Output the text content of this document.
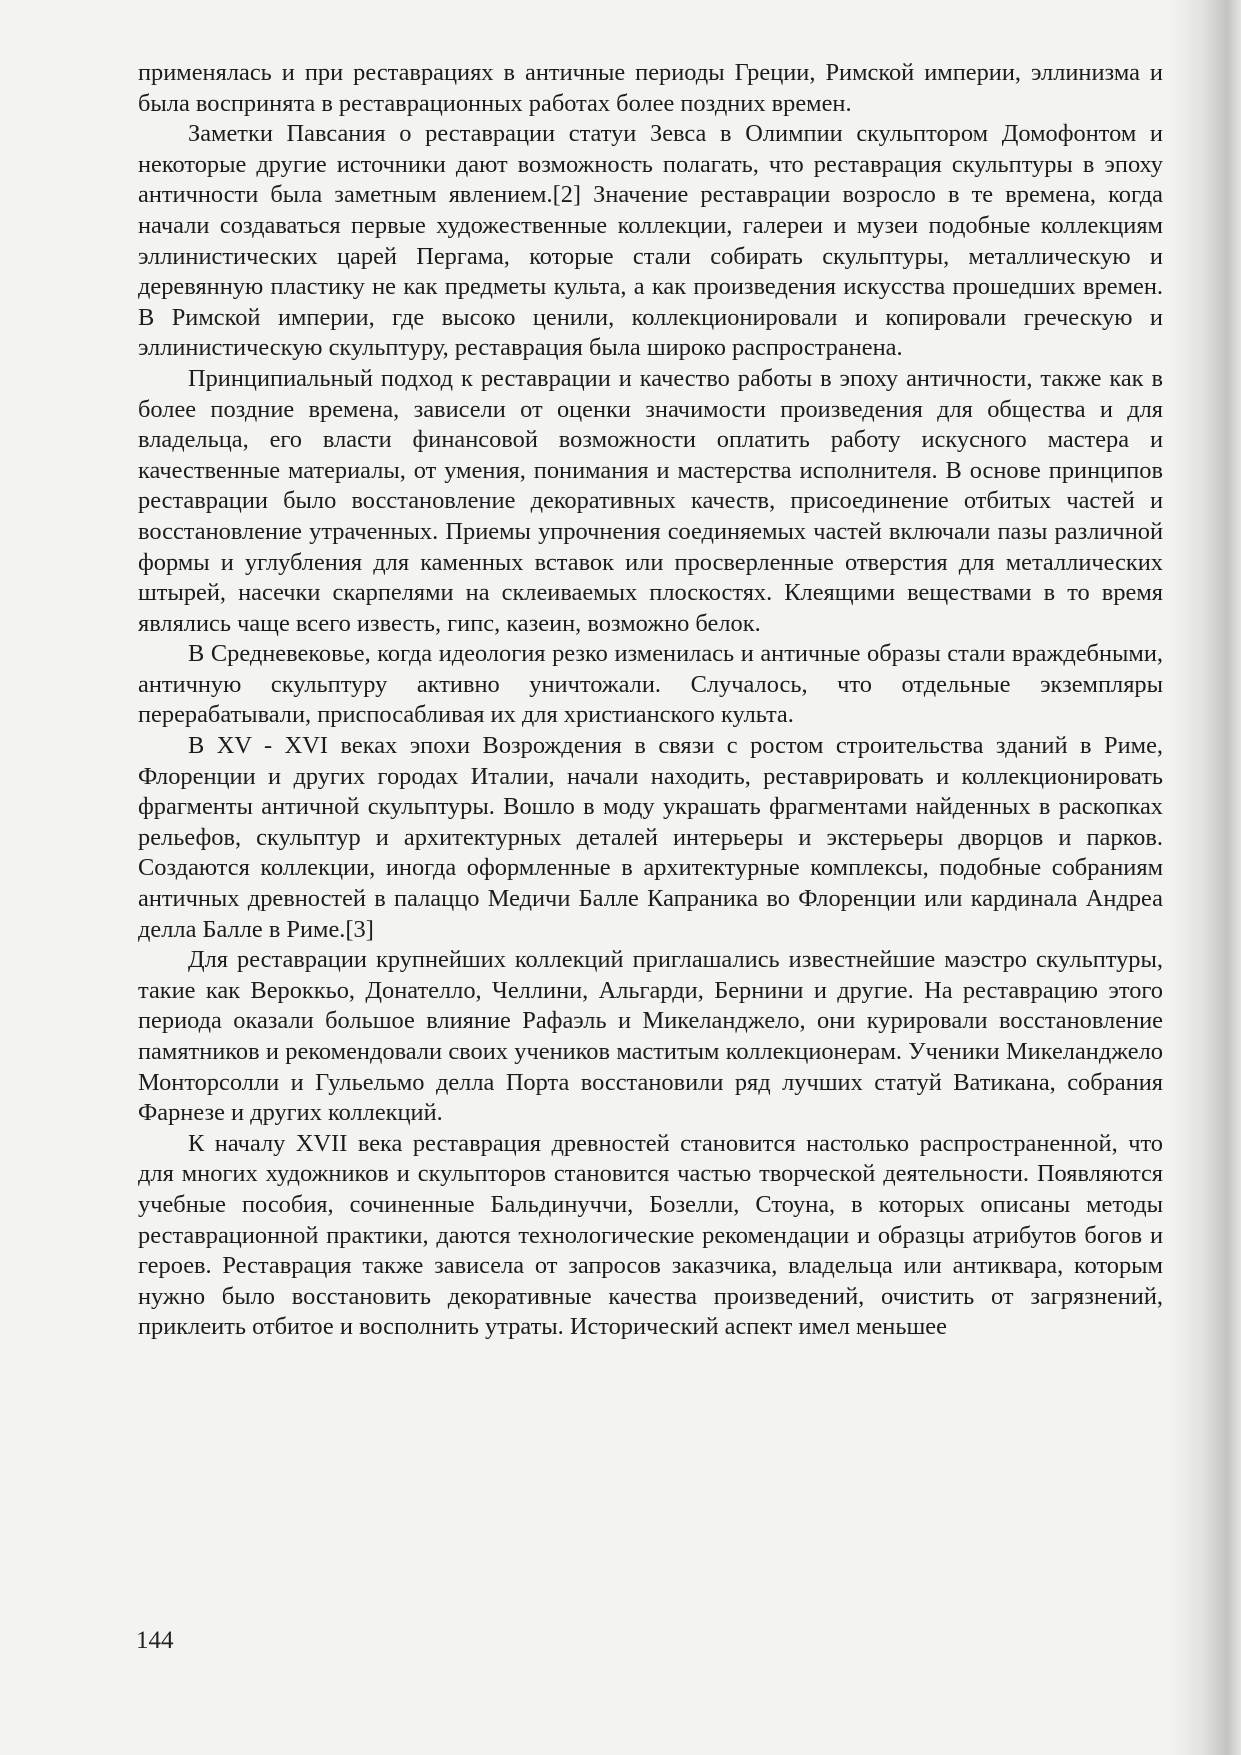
применялась и при реставрациях в античные периоды Греции, Римской империи, эллинизма и была воспринята в реставрационных работах более поздних времен.

Заметки Павсания о реставрации статуи Зевса в Олимпии скульптором Домофонтом и некоторые другие источники дают возможность полагать, что реставрация скульптуры в эпоху античности была заметным явлением.[2] Значение реставрации возросло в те времена, когда начали создаваться первые художественные коллекции, галереи и музеи подобные коллекциям эллинистических царей Пергама, которые стали собирать скульптуры, металлическую и деревянную пластику не как предметы культа, а как произведения искусства прошедших времен. В Римской империи, где высоко ценили, коллекционировали и копировали греческую и эллинистическую скульптуру, реставрация была широко распространена.

Принципиальный подход к реставрации и качество работы в эпоху античности, также как в более поздние времена, зависели от оценки значимости произведения для общества и для владельца, его власти финансовой возможности оплатить работу искусного мастера и качественные материалы, от умения, понимания и мастерства исполнителя. В основе принципов реставрации было восстановление декоративных качеств, присоединение отбитых частей и восстановление утраченных. Приемы упрочнения соединяемых частей включали пазы различной формы и углубления для каменных вставок или просверленные отверстия для металлических штырей, насечки скарпелями на склеиваемых плоскостях. Клеящими веществами в то время являлись чаще всего известь, гипс, казеин, возможно белок.

В Средневековье, когда идеология резко изменилась и античные образы стали враждебными, античную скульптуру активно уничтожали. Случалось, что отдельные экземпляры перерабатывали, приспосабливая их для христианского культа.

В XV - XVI веках эпохи Возрождения в связи с ростом строительства зданий в Риме, Флоренции и других городах Италии, начали находить, реставрировать и коллекционировать фрагменты античной скульптуры. Вошло в моду украшать фрагментами найденных в раскопках рельефов, скульптур и архитектурных деталей интерьеры и экстерьеры дворцов и парков. Создаются коллекции, иногда оформленные в архитектурные комплексы, подобные собраниям античных древностей в палаццо Медичи Балле Капраника во Флоренции или кардинала Андреа делла Балле в Риме.[3]

Для реставрации крупнейших коллекций приглашались известнейшие маэстро скульптуры, такие как Вероккьо, Донателло, Челлини, Альгарди, Бернини и другие. На реставрацию этого периода оказали большое влияние Рафаэль и Микеланджело, они курировали восстановление памятников и рекомендовали своих учеников маститым коллекционерам. Ученики Микеланджело Монторсолли и Гульельмо делла Порта восстановили ряд лучших статуй Ватикана, собрания Фарнезе и других коллекций.

К началу XVII века реставрация древностей становится настолько распространенной, что для многих художников и скульпторов становится частью творческой деятельности. Появляются учебные пособия, сочиненные Бальдинуччи, Бозелли, Стоуна, в которых описаны методы реставрационной практики, даются технологические рекомендации и образцы атрибутов богов и героев. Реставрация также зависела от запросов заказчика, владельца или антиквара, которым нужно было восстановить декоративные качества произведений, очистить от загрязнений, приклеить отбитое и восполнить утраты. Исторический аспект имел меньшее

144
